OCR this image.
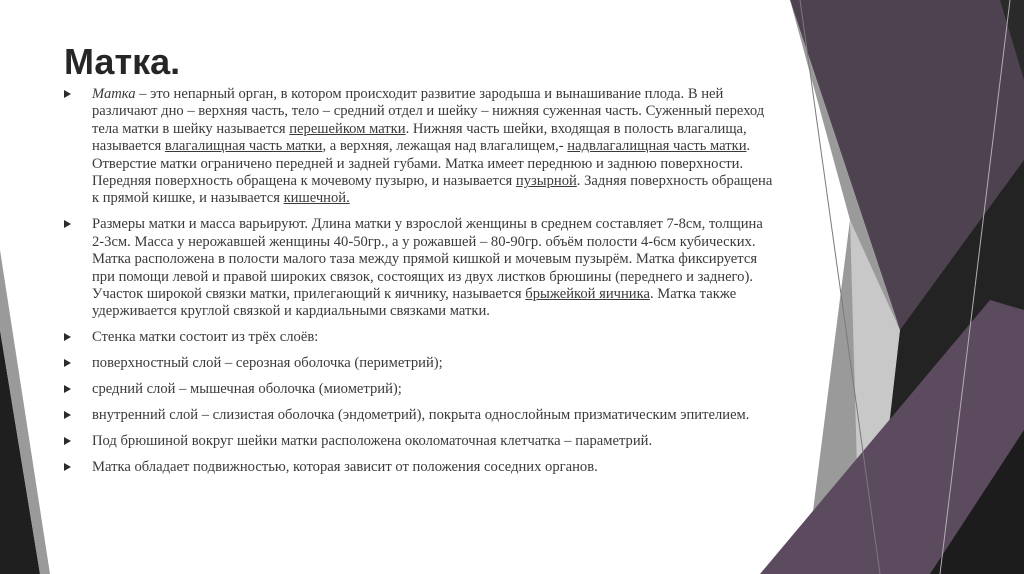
Матка.
Матка – это непарный орган, в котором происходит развитие зародыша и вынашивание плода. В ней различают дно – верхняя часть, тело – средний отдел и шейку – нижняя суженная часть. Суженный переход тела матки в шейку называется перешейком матки. Нижняя часть шейки, входящая в полость влагалища, называется влагалищная часть матки, а верхняя, лежащая над влагалищем,- надвлагалищная часть матки. Отверстие матки ограничено передней и задней губами. Матка имеет переднюю и заднюю поверхности. Передняя поверхность обращена к мочевому пузырю, и называется пузырной. Задняя поверхность обращена к прямой кишке, и называется кишечной.
Размеры матки и масса варьируют. Длина матки у взрослой женщины в среднем составляет 7-8см, толщина 2-3см. Масса у нерожавшей женщины 40-50гр., а у рожавшей – 80-90гр. объём полости 4-6см кубических. Матка расположена в полости малого таза между прямой кишкой и мочевым пузырём. Матка фиксируется при помощи левой и правой широких связок, состоящих из двух листков брюшины (переднего и заднего). Участок широкой связки матки, прилегающий к яичнику, называется брыжейкой яичника. Матка также удерживается круглой связкой и кардиальными связками матки.
Стенка матки состоит из трёх слоёв:
поверхностный слой – серозная оболочка (периметрий);
средний слой – мышечная оболочка (миометрий);
внутренний слой – слизистая оболочка (эндометрий), покрыта однослойным призматическим эпителием.
Под брюшиной вокруг шейки матки расположена околоматочная клетчатка – параметрий.
Матка обладает подвижностью, которая зависит от положения соседних органов.
